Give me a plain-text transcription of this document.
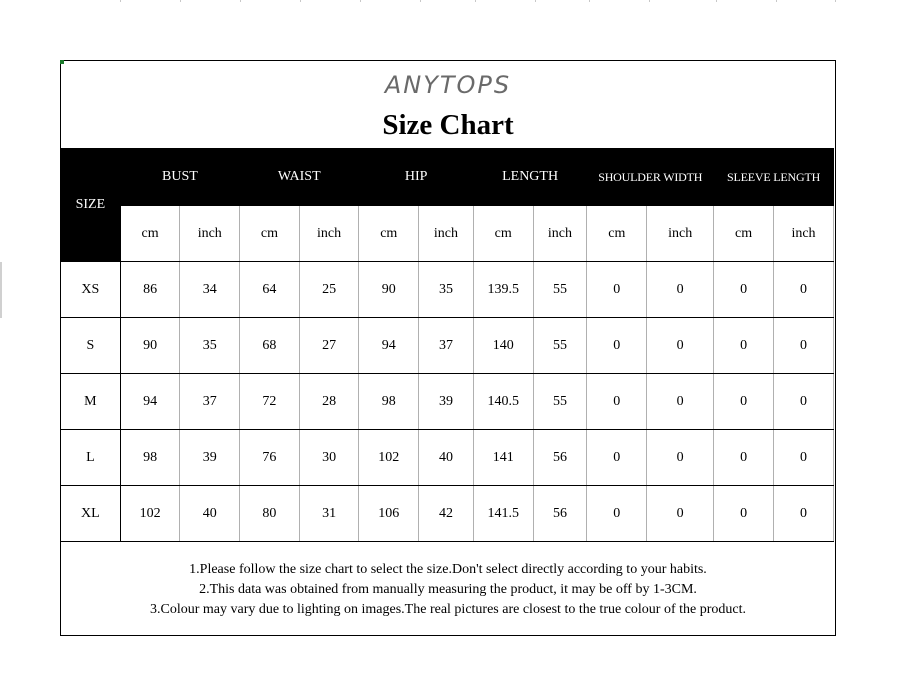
ANYTOPS
Size Chart
SIZE	BUST		WAIST		HIP		LENGTH		SHOULDER WIDTH		SLEEVE LENGTH	
	cm	inch	cm	inch	cm	inch	cm	inch	cm	inch	cm	inch
XS	86	34	64	25	90	35	139.5	55	0	0	0	0
S	90	35	68	27	94	37	140	55	0	0	0	0
M	94	37	72	28	98	39	140.5	55	0	0	0	0
L	98	39	76	30	102	40	141	56	0	0	0	0
XL	102	40	80	31	106	42	141.5	56	0	0	0	0
1.Please follow the size chart to select the size.Don't select directly according to your habits.
2.This data was obtained from manually measuring the product, it may be off by 1-3CM.
3.Colour may vary due to lighting on images.The real pictures are closest to the true colour of the product.
